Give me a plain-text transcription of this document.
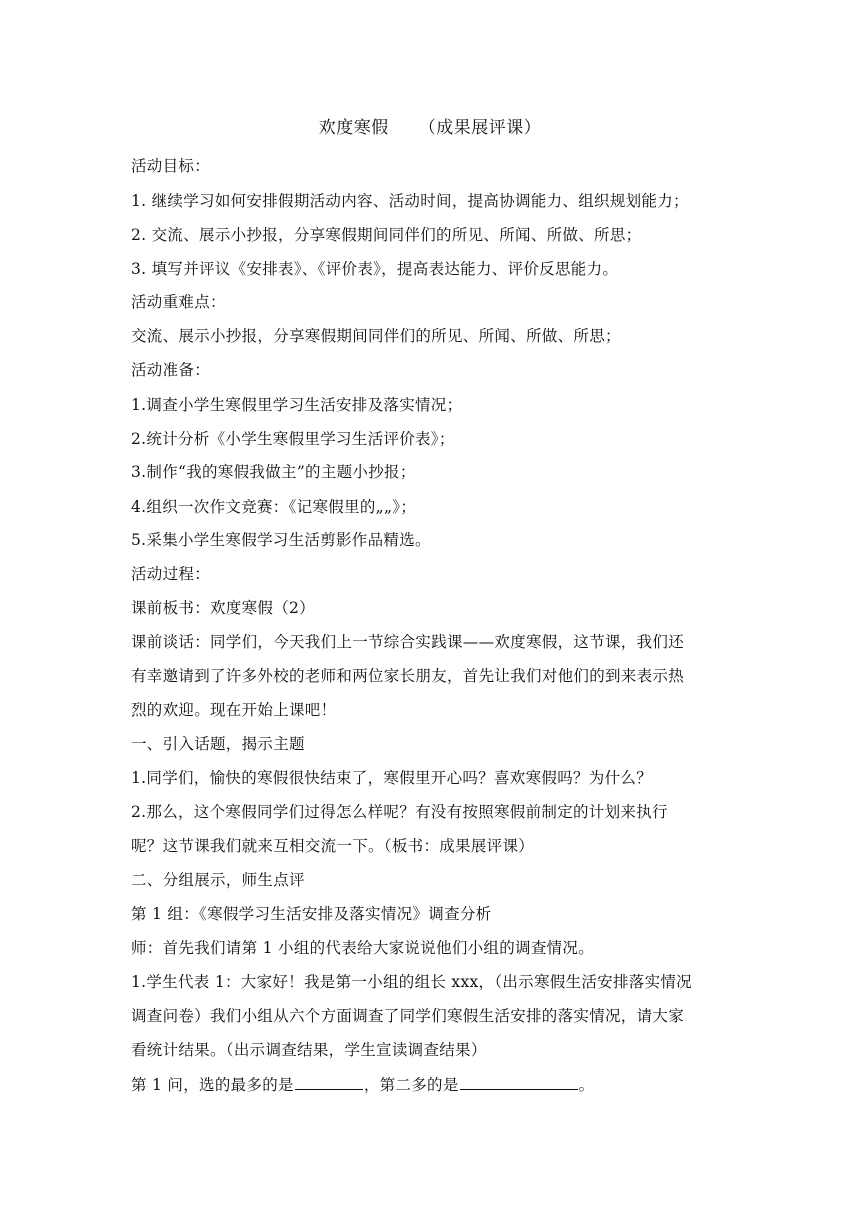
欢度寒假 （成果展评课）
活动目标：
1. 继续学习如何安排假期活动内容、活动时间，提高协调能力、组织规划能力；
2. 交流、展示小抄报，分享寒假期间同伴们的所见、所闻、所做、所思；
3. 填写并评议《安排表》、《评价表》，提高表达能力、评价反思能力。
活动重难点：
交流、展示小抄报，分享寒假期间同伴们的所见、所闻、所做、所思；
活动准备：
1.调查小学生寒假里学习生活安排及落实情况；
2.统计分析《小学生寒假里学习生活评价表》；
3.制作“我的寒假我做主”的主题小抄报；
4.组织一次作文竞赛：《记寒假里的„„》；
5.采集小学生寒假学习生活剪影作品精选。
活动过程：
课前板书：欢度寒假（2）
课前谈话：同学们，今天我们上一节综合实践课——欢度寒假，这节课，我们还
有幸邀请到了许多外校的老师和两位家长朋友，首先让我们对他们的到来表示热
烈的欢迎。现在开始上课吧！
一、引入话题，揭示主题
1.同学们，愉快的寒假很快结束了，寒假里开心吗？喜欢寒假吗？为什么？
2.那么，这个寒假同学们过得怎么样呢？有没有按照寒假前制定的计划来执行
呢？这节课我们就来互相交流一下。（板书：成果展评课）
二、分组展示，师生点评
第 1 组：《寒假学习生活安排及落实情况》调查分析
师：首先我们请第 1 小组的代表给大家说说他们小组的调查情况。
1.学生代表 1：大家好！我是第一小组的组长 xxx，（出示寒假生活安排落实情况
调查问卷）我们小组从六个方面调查了同学们寒假生活安排的落实情况，请大家
看统计结果。（出示调查结果，学生宣读调查结果）
第 1 问，选的最多的是	，第二多的是	。
